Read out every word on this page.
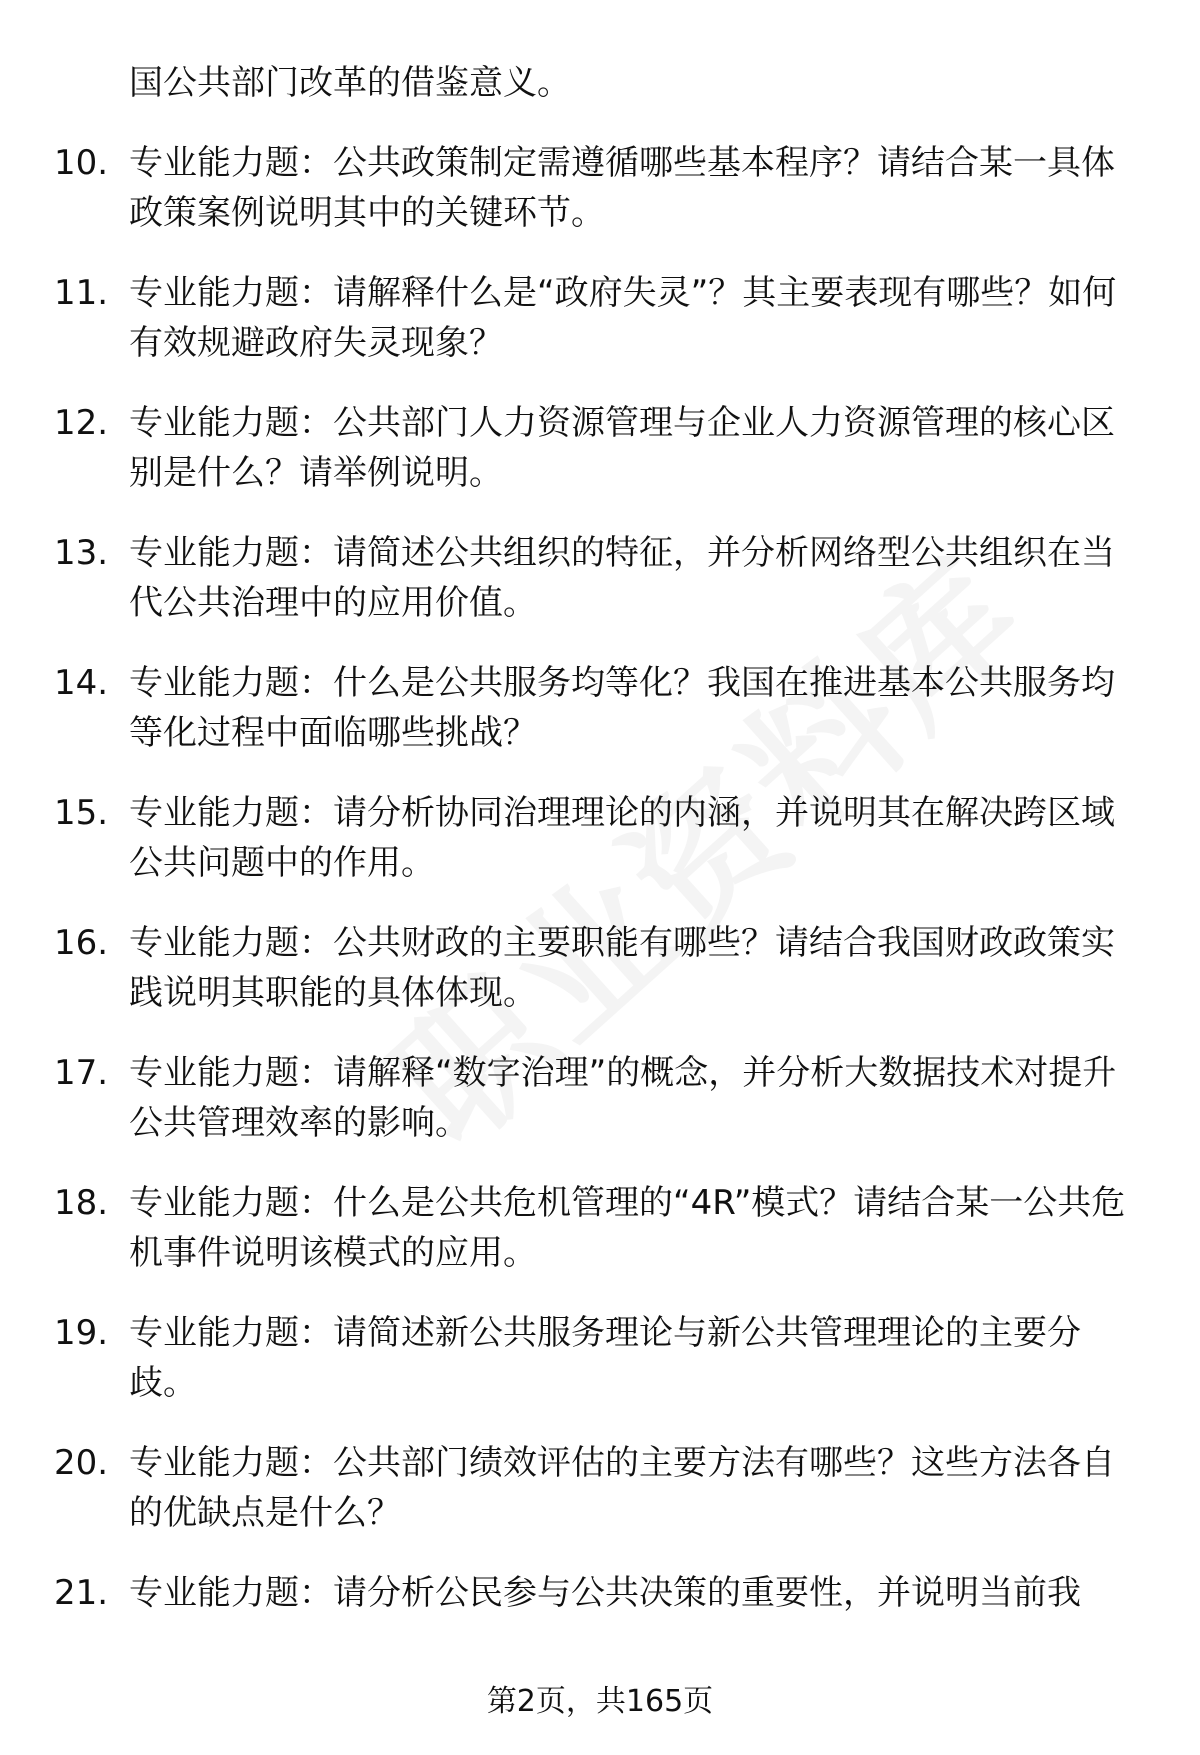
国公共部门改革的借鉴意义。
10. 专业能力题：公共政策制定需遵循哪些基本程序？请结合某一具体政策案例说明其中的关键环节。
11. 专业能力题：请解释什么是“政府失灵”？其主要表现有哪些？如何有效规避政府失灵现象？
12. 专业能力题：公共部门人力资源管理与企业人力资源管理的核心区别是什么？请举例说明。
13. 专业能力题：请简述公共组织的特征，并分析网络型公共组织在当代公共治理中的应用价值。
14. 专业能力题：什么是公共服务均等化？我国在推进基本公共服务均等化过程中面临哪些挑战？
15. 专业能力题：请分析协同治理理论的内涵，并说明其在解决跨区域公共问题中的作用。
16. 专业能力题：公共财政的主要职能有哪些？请结合我国财政政策实践说明其职能的具体体现。
17. 专业能力题：请解释“数字治理”的概念，并分析大数据技术对提升公共管理效率的影响。
18. 专业能力题：什么是公共危机管理的“4R”模式？请结合某一公共危机事件说明该模式的应用。
19. 专业能力题：请简述新公共服务理论与新公共管理理论的主要分歧。
20. 专业能力题：公共部门绩效评估的主要方法有哪些？这些方法各自的优缺点是什么？
21. 专业能力题：请分析公民参与公共决策的重要性，并说明当前我
第2页，共165页
